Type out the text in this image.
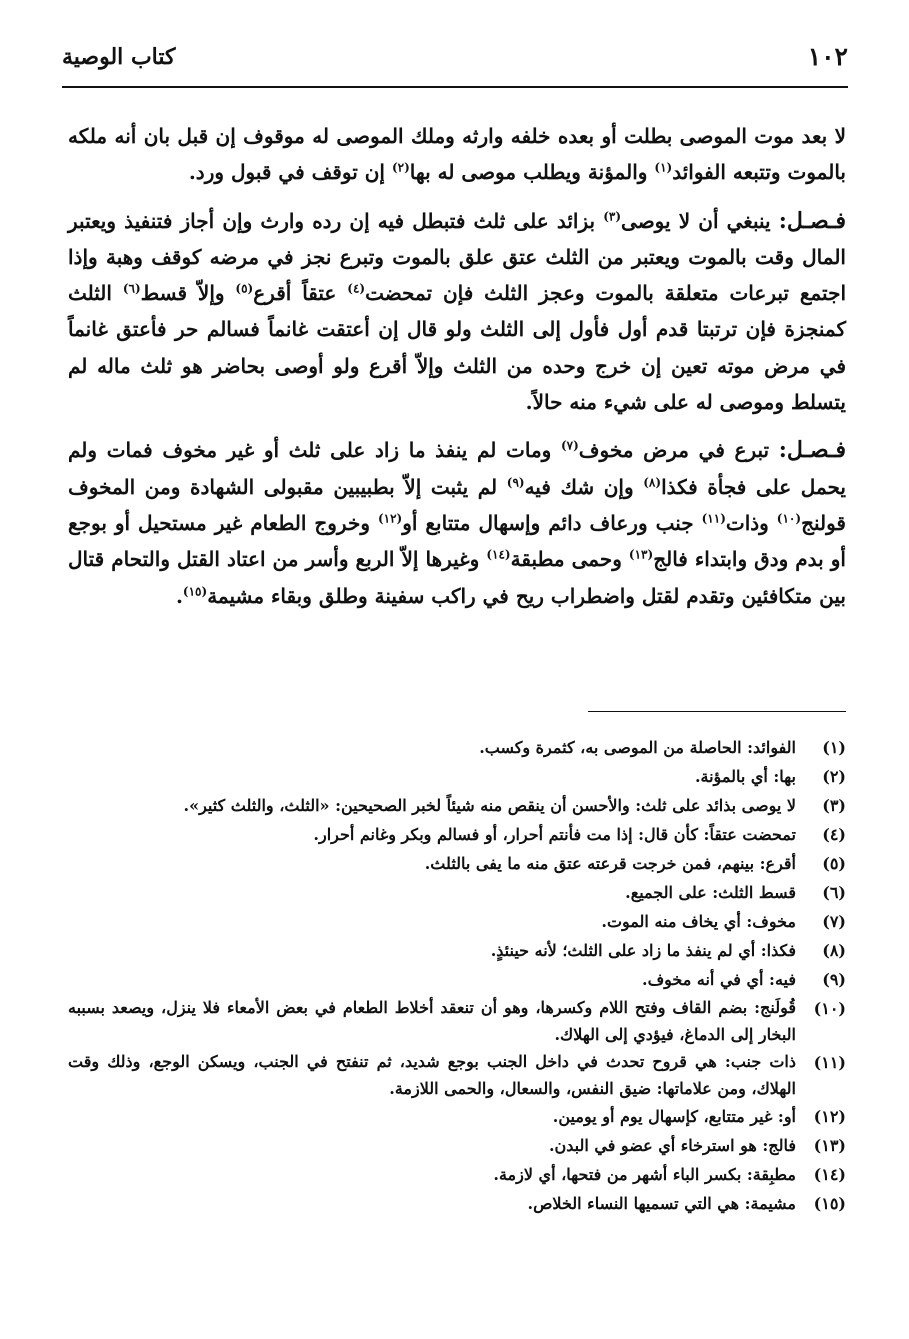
١٠٢
كتاب الوصية

لا بعد موت الموصى بطلت أو بعده خلفه وارثه وملك الموصى له موقوف إن قبل بان أنه ملكه بالموت وتتبعه الفوائد$^{(١)}$ والمؤنة ويطلب موصى له بها$^{(٢)}$ إن توقف في قبول ورد.

فـصـل: ينبغي أن لا يوصى$^{(٣)}$ بزائد على ثلث فتبطل فيه إن رده وارث وإن أجاز فتنفيذ ويعتبر المال وقت بالموت ويعتبر من الثلث عتق علق بالموت وتبرع نجز في مرضه كوقف وهبة وإذا اجتمع تبرعات متعلقة بالموت وعجز الثلث فإن تمحضت$^{(٤)}$ عتقاً أقرع$^{(٥)}$ وإلاّ قسط$^{(٦)}$ الثلث كمنجزة فإن ترتبتا قدم أول فأول إلى الثلث ولو قال إن أعتقت غانماً فسالم حر فأعتق غانماً في مرض موته تعين إن خرج وحده من الثلث وإلاّ أقرع ولو أوصى بحاضر هو ثلث ماله لم يتسلط وموصى له على شيء منه حالاً.

فـصـل: تبرع في مرض مخوف$^{(٧)}$ ومات لم ينفذ ما زاد على ثلث أو غير مخوف فمات ولم يحمل على فجأة فكذا$^{(٨)}$ وإن شك فيه$^{(٩)}$ لم يثبت إلاّ بطبيبين مقبولى الشهادة ومن المخوف قولنج$^{(١٠)}$ وذات$^{(١١)}$ جنب ورعاف دائم وإسهال متتابع أو$^{(١٢)}$ وخروج الطعام غير مستحيل أو بوجع أو بدم ودق وابتداء فالج$^{(١٣)}$ وحمى مطبقة$^{(١٤)}$ وغيرها إلاّ الربع وأسر من اعتاد القتل والتحام قتال بين متكافئين وتقدم لقتل واضطراب ريح في راكب سفينة وطلق وبقاء مشيمة$^{(١٥)}$.

(١)
الفوائد: الحاصلة من الموصى به، كثمرة وكسب.
(٢)
بها: أي بالمؤنة.
(٣)
لا يوصى بذائد على ثلث: والأحسن أن ينقص منه شيئاً لخبر الصحيحين: «الثلث، والثلث كثير».
(٤)
تمحضت عتقاً: كأن قال: إذا مت فأنتم أحرار، أو فسالم وبكر وغانم أحرار.
(٥)
أقرع: بينهم، فمن خرجت قرعته عتق منه ما يفى بالثلث.
(٦)
قسط الثلث: على الجميع.
(٧)
مخوف: أي يخاف منه الموت.
(٨)
فكذا: أي لم ينفذ ما زاد على الثلث؛ لأنه حينئذٍ.
(٩)
فيه: أي في أنه مخوف.
(١٠)
قُولَنج: بضم القاف وفتح اللام وكسرها، وهو أن تنعقد أخلاط الطعام في بعض الأمعاء فلا ينزل، ويصعد بسببه البخار إلى الدماغ، فيؤدي إلى الهلاك.
(١١)
ذات جنب: هي قروح تحدث في داخل الجنب بوجع شديد، ثم تنفتح في الجنب، ويسكن الوجع، وذلك وقت الهلاك، ومن علاماتها: ضيق النفس، والسعال، والحمى اللازمة.
(١٢)
أو: غير متتابع، كإسهال يوم أو يومين.
(١٣)
فالج: هو استرخاء أي عضو في البدن.
(١٤)
مطبِقة: بكسر الباء أشهر من فتحها، أي لازمة.
(١٥)
مشيمة: هي التي تسميها النساء الخلاص.
